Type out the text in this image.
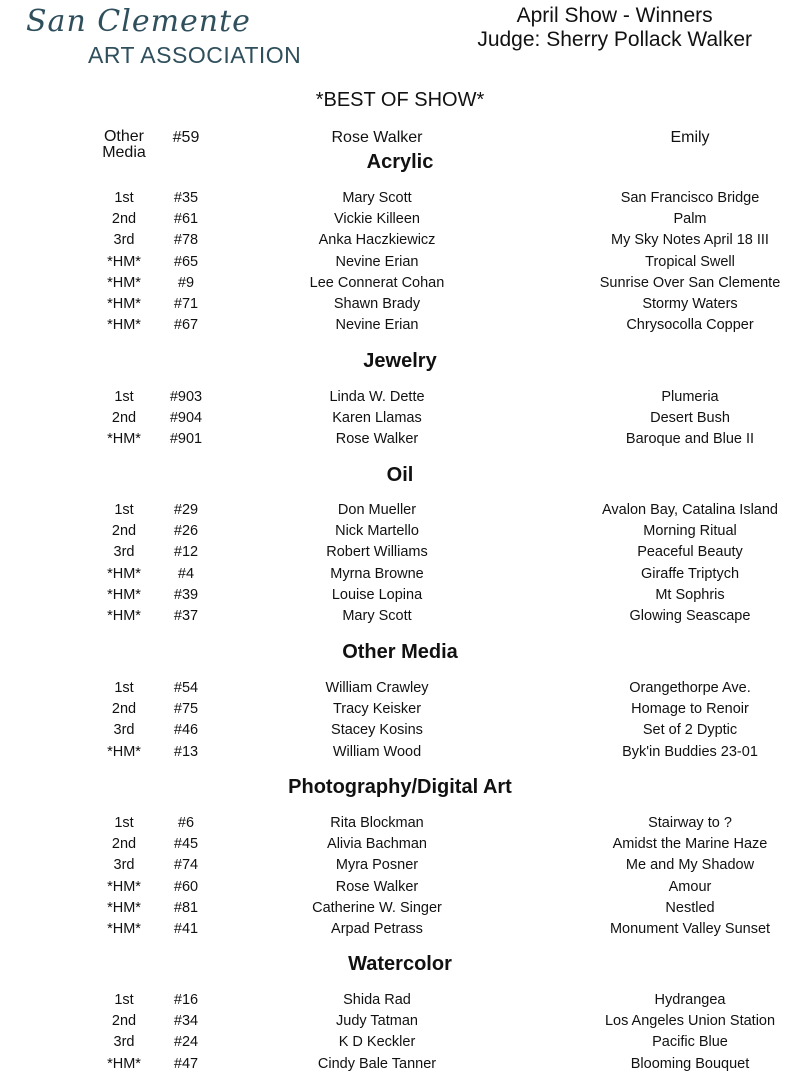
San Clemente
ART ASSOCIATION
April Show - Winners
Judge: Sherry Pollack Walker
*BEST OF SHOW*
Other
Media
#59	Rose Walker	Emily
Acrylic
1st	#35	Mary Scott	San Francisco Bridge
2nd	#61	Vickie Killeen	Palm
3rd	#78	Anka Haczkiewicz	My Sky Notes April 18 III
*HM*	#65	Nevine Erian	Tropical Swell
*HM*	#9	Lee Connerat Cohan	Sunrise Over San Clemente
*HM*	#71	Shawn Brady	Stormy Waters
*HM*	#67	Nevine Erian	Chrysocolla Copper
Jewelry
1st	#903	Linda W. Dette	Plumeria
2nd	#904	Karen Llamas	Desert Bush
*HM*	#901	Rose Walker	Baroque and Blue II
Oil
1st	#29	Don Mueller	Avalon Bay, Catalina Island
2nd	#26	Nick Martello	Morning Ritual
3rd	#12	Robert Williams	Peaceful Beauty
*HM*	#4	Myrna Browne	Giraffe Triptych
*HM*	#39	Louise Lopina	Mt Sophris
*HM*	#37	Mary Scott	Glowing Seascape
Other Media
1st	#54	William Crawley	Orangethorpe Ave.
2nd	#75	Tracy Keisker	Homage to Renoir
3rd	#46	Stacey Kosins	Set of 2 Dyptic
*HM*	#13	William Wood	Byk'in Buddies 23-01
Photography/Digital Art
1st	#6	Rita Blockman	Stairway to ?
2nd	#45	Alivia Bachman	Amidst the Marine Haze
3rd	#74	Myra Posner	Me and My Shadow
*HM*	#60	Rose Walker	Amour
*HM*	#81	Catherine W. Singer	Nestled
*HM*	#41	Arpad Petrass	Monument Valley Sunset
Watercolor
1st	#16	Shida Rad	Hydrangea
2nd	#34	Judy Tatman	Los Angeles Union Station
3rd	#24	K D Keckler	Pacific Blue
*HM*	#47	Cindy Bale Tanner	Blooming Bouquet
